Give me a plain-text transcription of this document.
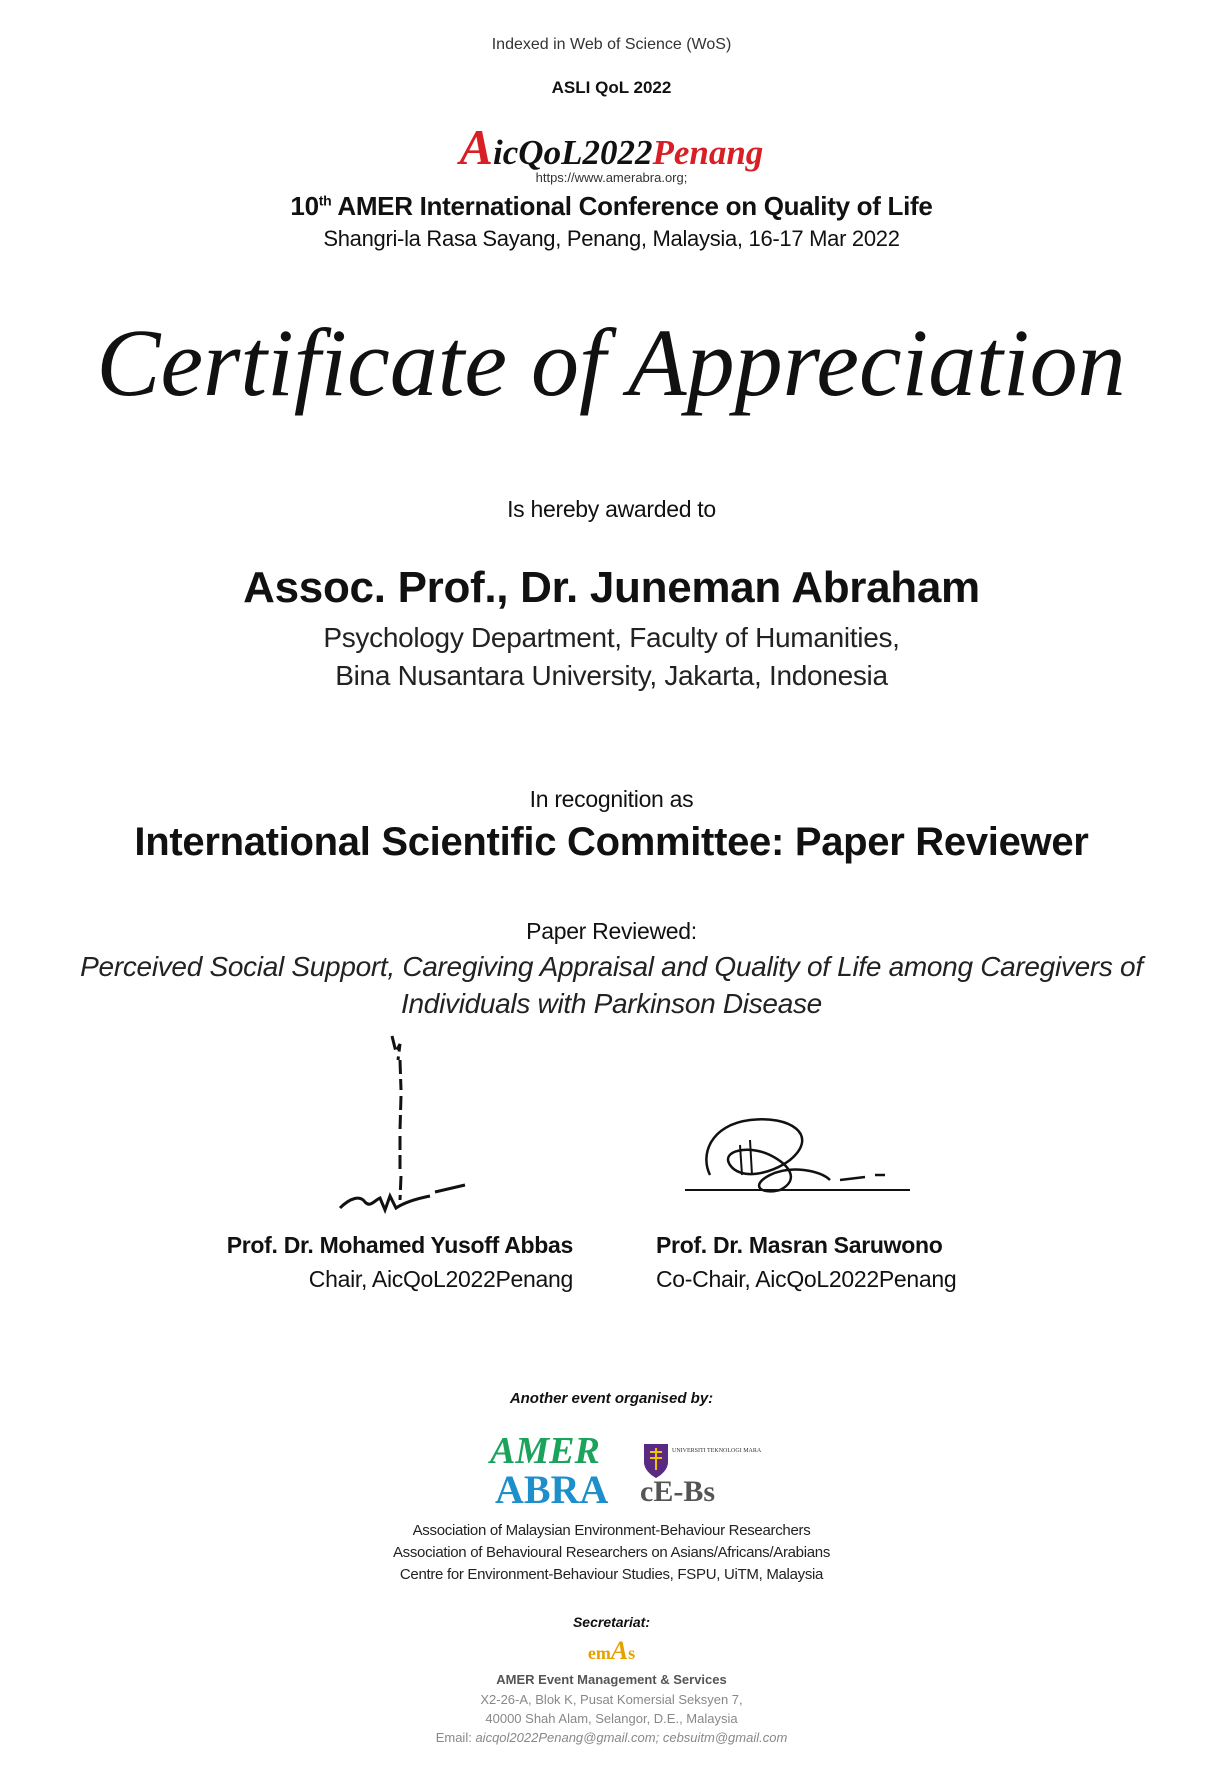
Indexed in Web of Science (WoS)
ASLI QoL 2022
AicQoL2022Penang
https://www.amerabra.org;
10th AMER International Conference on Quality of Life
Shangri-la Rasa Sayang, Penang, Malaysia, 16-17 Mar 2022
Certificate of Appreciation
Is hereby awarded to
Assoc. Prof., Dr. Juneman Abraham
Psychology Department, Faculty of Humanities,
Bina Nusantara University, Jakarta, Indonesia
In recognition as
International Scientific Committee: Paper Reviewer
Paper Reviewed:
Perceived Social Support, Caregiving Appraisal and Quality of Life among Caregivers of
Individuals with Parkinson Disease
Prof. Dr. Mohamed Yusoff Abbas
Chair, AicQoL2022Penang
Prof. Dr. Masran Saruwono
Co-Chair, AicQoL2022Penang
Another event organised by:
AMER
ABRA
UNIVERSITI TEKNOLOGI MARA
cE-Bs
Association of Malaysian Environment-Behaviour Researchers
Association of Behavioural Researchers on Asians/Africans/Arabians
Centre for Environment-Behaviour Studies, FSPU, UiTM, Malaysia
Secretariat:
emAs
AMER Event Management & Services
X2-26-A, Blok K, Pusat Komersial Seksyen 7,
40000 Shah Alam, Selangor, D.E., Malaysia
Email: aicqol2022Penang@gmail.com; cebsuitm@gmail.com
